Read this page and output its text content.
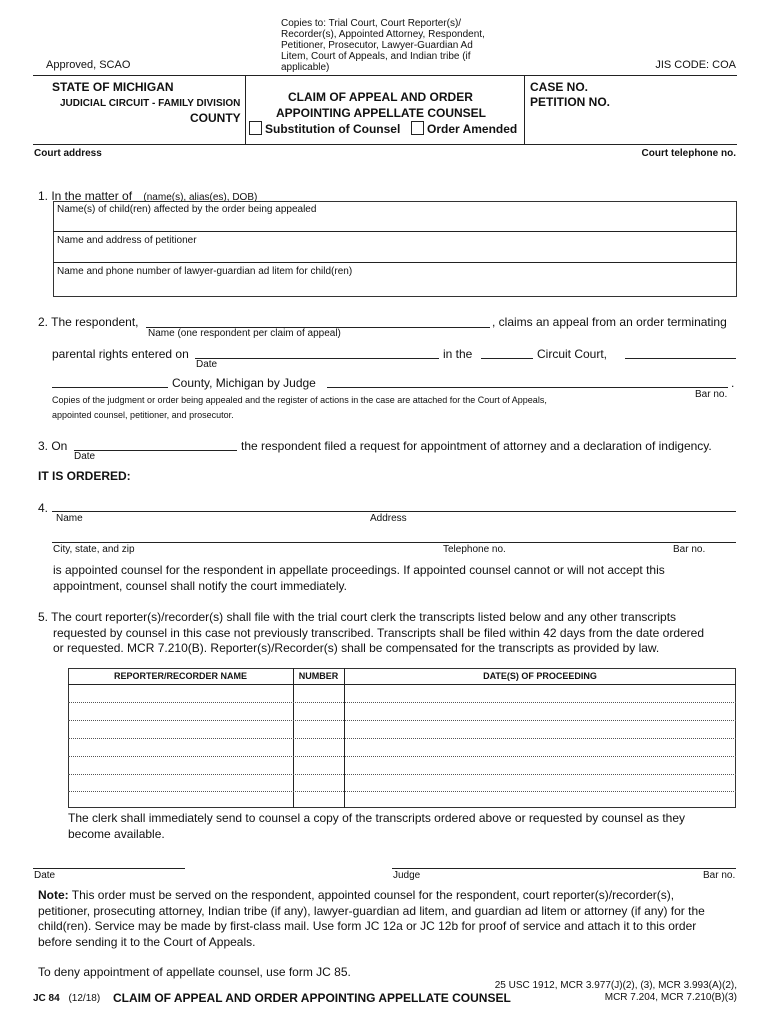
Copies to: Trial Court, Court Reporter(s)/
Recorder(s), Appointed Attorney, Respondent,
Petitioner, Prosecutor, Lawyer-Guardian Ad
Litem, Court of Appeals, and Indian tribe (if
applicable)
Approved, SCAO	JIS CODE: COA
STATE OF MICHIGAN
JUDICIAL CIRCUIT - FAMILY DIVISION
COUNTY
CLAIM OF APPEAL AND ORDER
APPOINTING APPELLATE COUNSEL
Substitution of Counsel	Order Amended
CASE NO.
PETITION NO.
Court address	Court telephone no.
1. In the matter of (name(s), alias(es), DOB)
Name(s) of child(ren) affected by the order being appealed
Name and address of petitioner
Name and phone number of lawyer-guardian ad litem for child(ren)
2. The respondent,
Name (one respondent per claim of appeal)
, claims an appeal from an order terminating
parental rights entered on
Date
in the	Circuit Court,
County, Michigan by Judge	.
Bar no.
Copies of the judgment or order being appealed and the register of actions in the case are attached for the Court of Appeals,
appointed counsel, petitioner, and prosecutor.
3. On
Date
the respondent filed a request for appointment of attorney and a declaration of indigency.
IT IS ORDERED:
4.
Name	Address
City, state, and zip	Telephone no.	Bar no.
is appointed counsel for the respondent in appellate proceedings. If appointed counsel cannot or will not accept this
appointment, counsel shall notify the court immediately.
5. The court reporter(s)/recorder(s) shall file with the trial court clerk the transcripts listed below and any other transcripts
requested by counsel in this case not previously transcribed. Transcripts shall be filed within 42 days from the date ordered
or requested. MCR 7.210(B). Reporter(s)/Recorder(s) shall be compensated for the transcripts as provided by law.
REPORTER/RECORDER NAME	NUMBER	DATE(S) OF PROCEEDING
The clerk shall immediately send to counsel a copy of the transcripts ordered above or requested by counsel as they
become available.
Date	Judge	Bar no.
Note: This order must be served on the respondent, appointed counsel for the respondent, court reporter(s)/recorder(s),
petitioner, prosecuting attorney, Indian tribe (if any), lawyer-guardian ad litem, and guardian ad litem or attorney (if any) for the
child(ren). Service may be made by first-class mail. Use form JC 12a or JC 12b for proof of service and attach it to this order
before sending it to the Court of Appeals.
To deny appointment of appellate counsel, use form JC 85.
JC 84 (12/18) CLAIM OF APPEAL AND ORDER APPOINTING APPELLATE COUNSEL
25 USC 1912, MCR 3.977(J)(2), (3), MCR 3.993(A)(2),
MCR 7.204, MCR 7.210(B)(3)
